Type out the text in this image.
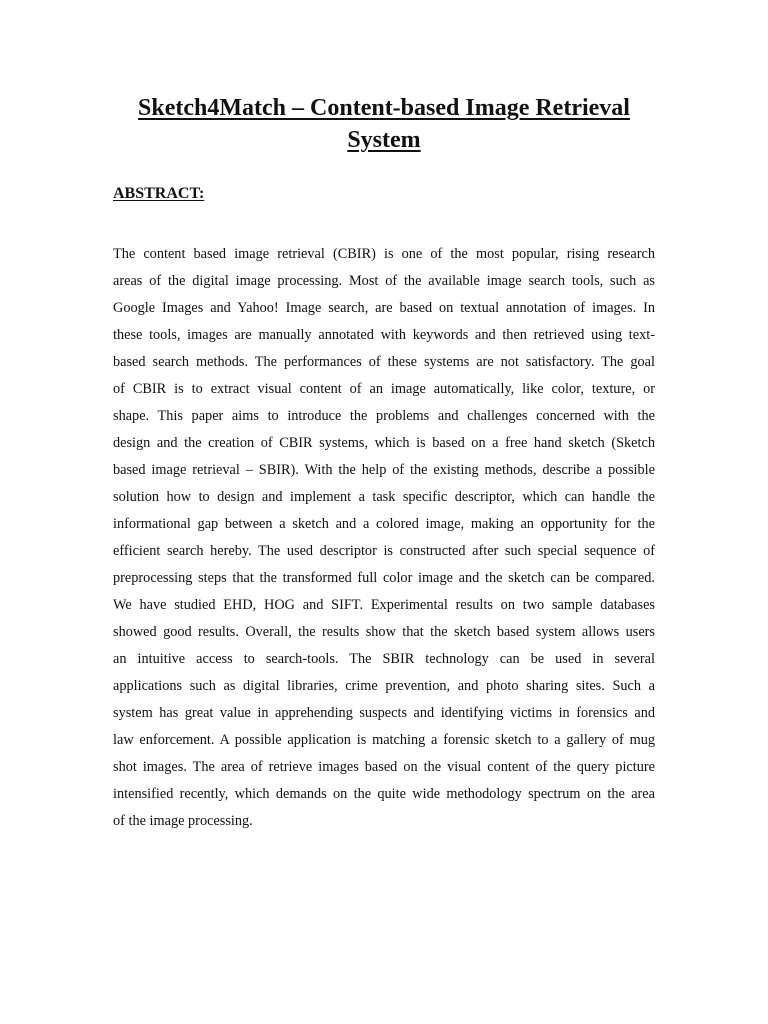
Sketch4Match – Content-based Image Retrieval System
ABSTRACT:
The content based image retrieval (CBIR) is one of the most popular, rising research
areas of the digital image processing. Most of the available image search tools, such as
Google Images and Yahoo! Image search, are based on textual annotation of images. In
these tools, images are manually annotated with keywords and then retrieved using text-
based search methods. The performances of these systems are not satisfactory. The goal
of CBIR is to extract visual content of an image automatically, like color, texture, or
shape. This paper aims to introduce the problems and challenges concerned with the
design and the creation of CBIR systems, which is based on a free hand sketch (Sketch
based image retrieval – SBIR). With the help of the existing methods, describe a possible
solution how to design and implement a task specific descriptor, which can handle the
informational gap between a sketch and a colored image, making an opportunity for the
efficient search hereby. The used descriptor is constructed after such special sequence of
preprocessing steps that the transformed full color image and the sketch can be compared.
We have studied EHD, HOG and SIFT. Experimental results on two sample databases
showed good results. Overall, the results show that the sketch based system allows users
an intuitive access to search-tools. The SBIR technology can be used in several
applications such as digital libraries, crime prevention, and photo sharing sites. Such a
system has great value in apprehending suspects and identifying victims in forensics and
law enforcement. A possible application is matching a forensic sketch to a gallery of mug
shot images. The area of retrieve images based on the visual content of the query picture
intensified recently, which demands on the quite wide methodology spectrum on the area
of the image processing.
